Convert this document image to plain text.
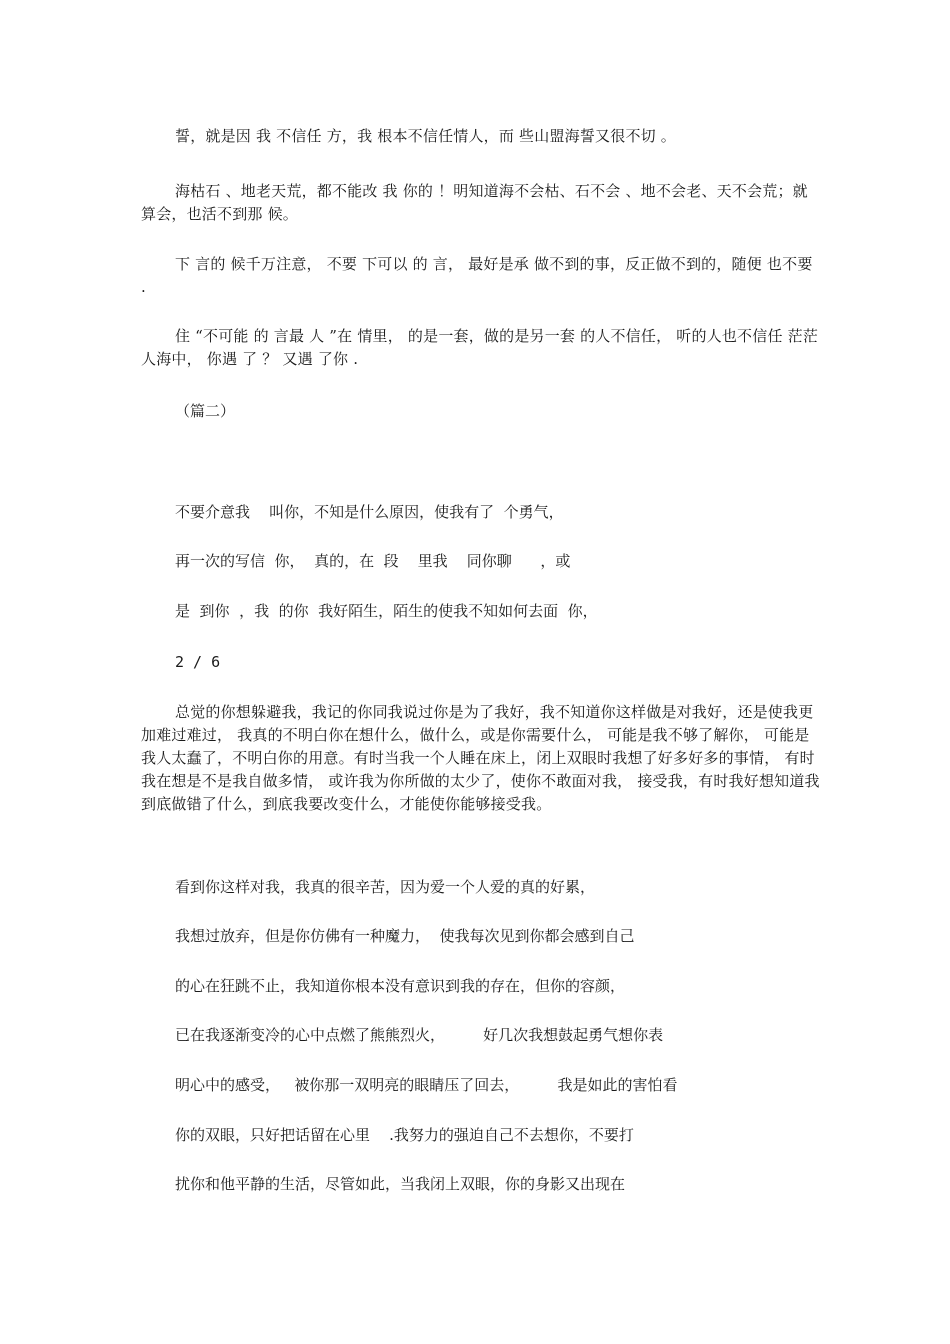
誓，就是因 我 不信任 方，我 根本不信任情人，而 些山盟海誓又很不切 。

海枯石 、地老天荒，都不能改 我 你的 ！明知道海不会枯、石不会 、地不会老、天不会荒；就算会，也活不到那 候。

下 言的 候千万注意， 不要 下可以 的 言， 最好是承 做不到的事，反正做不到的，随便 也不要 .

住 “不可能 的 言最 人 ”在 情里， 的是一套，做的是另一套 的人不信任， 听的人也不信任 茫茫人海中， 你遇 了 ？ 又遇 了你 .

（篇二）

不要介意我    叫你，不知是什么原因，使我有了  个勇气，

再一次的写信  你，  真的，在  段    里我    同你聊      ，或

是  到你  ，我  的你  我好陌生，陌生的使我不知如何去面  你，

2 / 6

总觉的你想躲避我，我记的你同我说过你是为了我好，我不知道你这样做是对我好，还是使我更加难过难过， 我真的不明白你在想什么，做什么，或是你需要什么， 可能是我不够了解你， 可能是我人太蠢了，不明白你的用意。有时当我一个人睡在床上，闭上双眼时我想了好多好多的事情， 有时我在想是不是我自做多情， 或许我为你所做的太少了，使你不敢面对我， 接受我，有时我好想知道我到底做错了什么，到底我要改变什么，才能使你能够接受我。

看到你这样对我，我真的很辛苦，因为爱一个人爱的真的好累，

我想过放弃，但是你仿佛有一种魔力，  使我每次见到你都会感到自己

的心在狂跳不止，我知道你根本没有意识到我的存在，但你的容颜，

已在我逐渐变冷的心中点燃了熊熊烈火，        好几次我想鼓起勇气想你表

明心中的感受，   被你那一双明亮的眼睛压了回去，        我是如此的害怕看

你的双眼，只好把话留在心里    .我努力的强迫自己不去想你，不要打

扰你和他平静的生活，尽管如此，当我闭上双眼，你的身影又出现在
